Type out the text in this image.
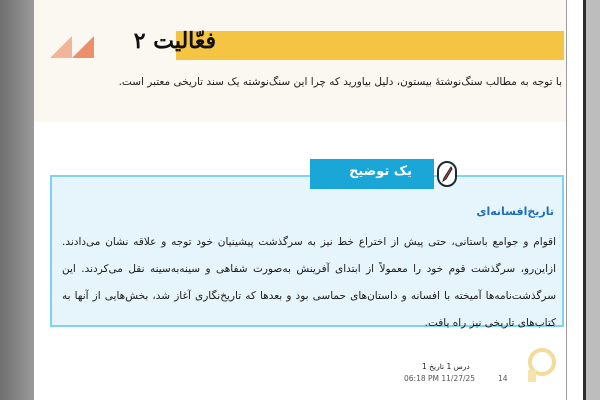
فعّالیت ۲
با توجه به مطالب سنگ‌نوشتهٔ بیستون، دلیل بیاورید که چرا این سنگ‌نوشته یک سند تاریخی معتبر است.
تاریخ‌افسانه‌ای
اقوام و جوامع باستانی، حتی پیش از اختراع خط نیز به سرگذشت پیشینیان خود توجه و علاقه نشان می‌دادند. ازاین‌رو، سرگذشت قوم خود را معمولاً از ابتدای آفرینش به‌صورت شفاهی و سینه‌به‌سینه نقل می‌کردند. این سرگذشت‌نامه‌ها آمیخته با افسانه و داستان‌های حماسی بود و بعدها که تاریخ‌نگاری آغاز شد، بخش‌هایی از آنها به کتاب‌های تاریخی نیز راه یافت.
یک توضیح
درس 1 تاریخ 1
06:18 PM 11/27/25	14
